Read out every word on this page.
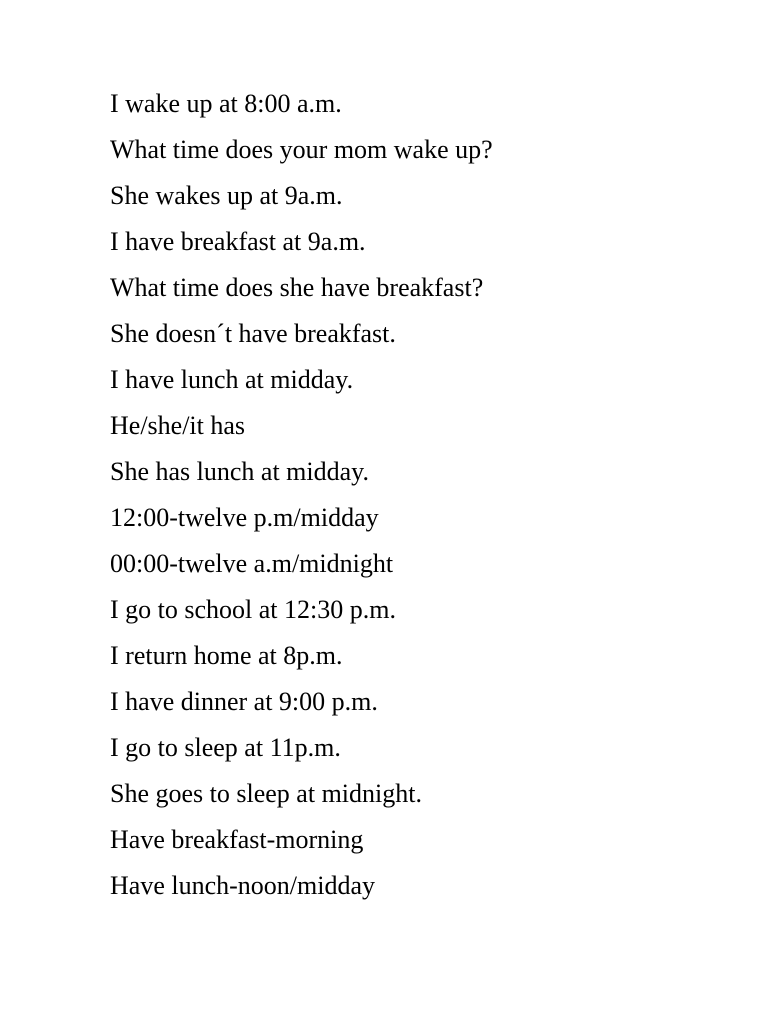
I wake up at 8:00 a.m.
What time does your mom wake up?
She wakes up at 9a.m.
I have breakfast at 9a.m.
What time does she have breakfast?
She doesn´t have breakfast.
I have lunch at midday.
He/she/it has
She has lunch at midday.
12:00-twelve p.m/midday
00:00-twelve a.m/midnight
I go to school at 12:30 p.m.
I return home at 8p.m.
I have dinner at 9:00 p.m.
I go to sleep at 11p.m.
She goes to sleep at midnight.
Have breakfast-morning
Have lunch-noon/midday
